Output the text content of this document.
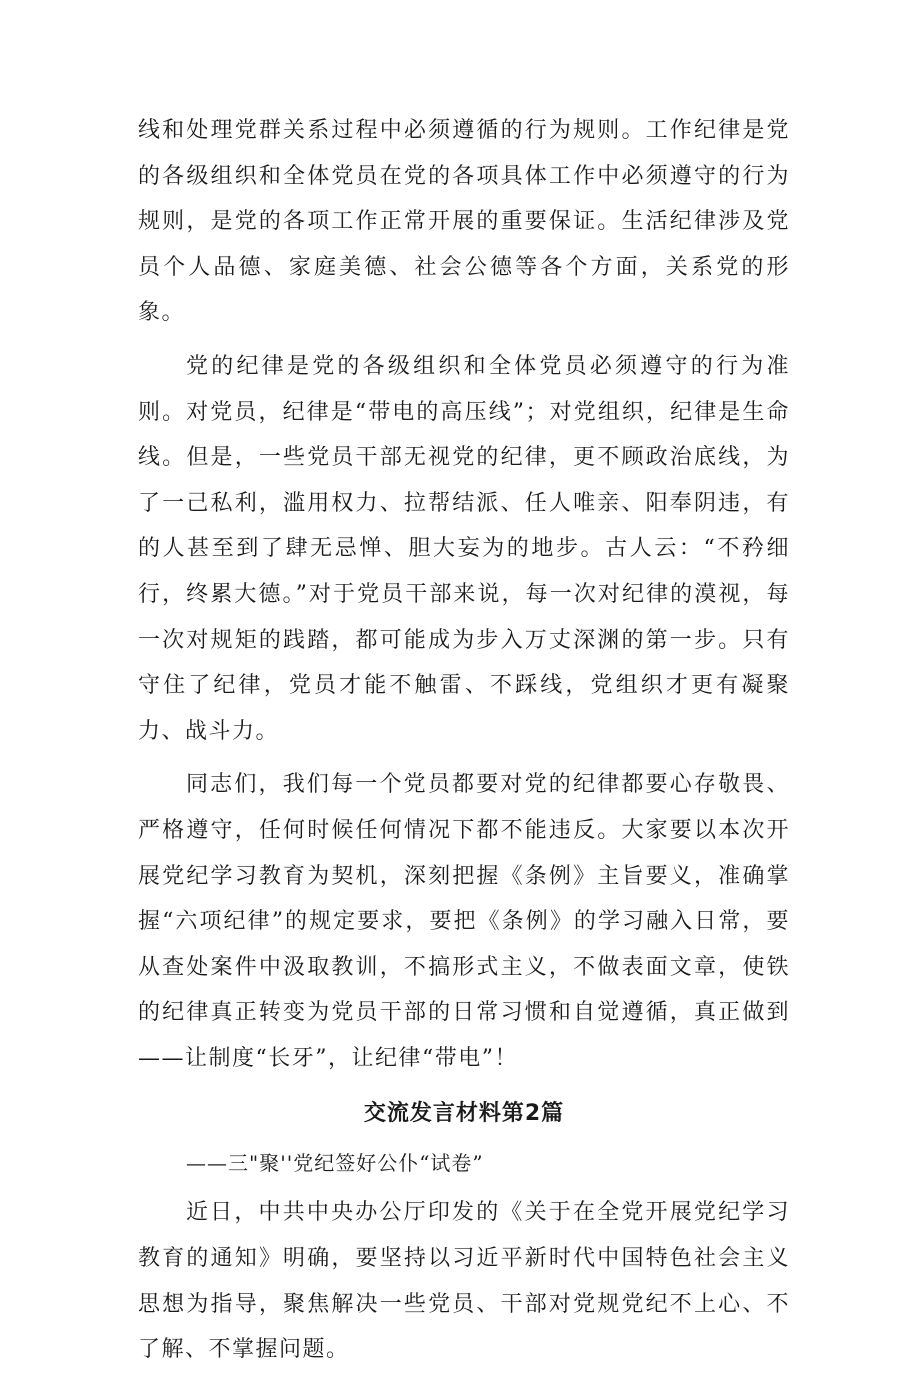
线和处理党群关系过程中必须遵循的行为规则。工作纪律是党的各级组织和全体党员在党的各项具体工作中必须遵守的行为规则，是党的各项工作正常开展的重要保证。生活纪律涉及党员个人品德、家庭美德、社会公德等各个方面，关系党的形象。

党的纪律是党的各级组织和全体党员必须遵守的行为准则。对党员，纪律是“带电的高压线”；对党组织，纪律是生命线。但是，一些党员干部无视党的纪律，更不顾政治底线，为了一己私利，滥用权力、拉帮结派、任人唯亲、阳奉阴违，有的人甚至到了肆无忌惮、胆大妄为的地步。古人云：“不矜细行，终累大德。”对于党员干部来说，每一次对纪律的漠视，每一次对规矩的践踏，都可能成为步入万丈深渊的第一步。只有守住了纪律，党员才能不触雷、不踩线，党组织才更有凝聚力、战斗力。

同志们，我们每一个党员都要对党的纪律都要心存敬畏、严格遵守，任何时候任何情况下都不能违反。大家要以本次开展党纪学习教育为契机，深刻把握《条例》主旨要义，准确掌握“六项纪律”的规定要求，要把《条例》的学习融入日常，要从查处案件中汲取教训，不搞形式主义，不做表面文章，使铁的纪律真正转变为党员干部的日常习惯和自觉遵循，真正做到——让制度“长牙”，让纪律“带电”！

交流发言材料第2篇

——三"聚''党纪签好公仆“试卷”

近日，中共中央办公厅印发的《关于在全党开展党纪学习教育的通知》明确，要坚持以习近平新时代中国特色社会主义思想为指导，聚焦解决一些党员、干部对党规党纪不上心、不了解、不掌握问题。
